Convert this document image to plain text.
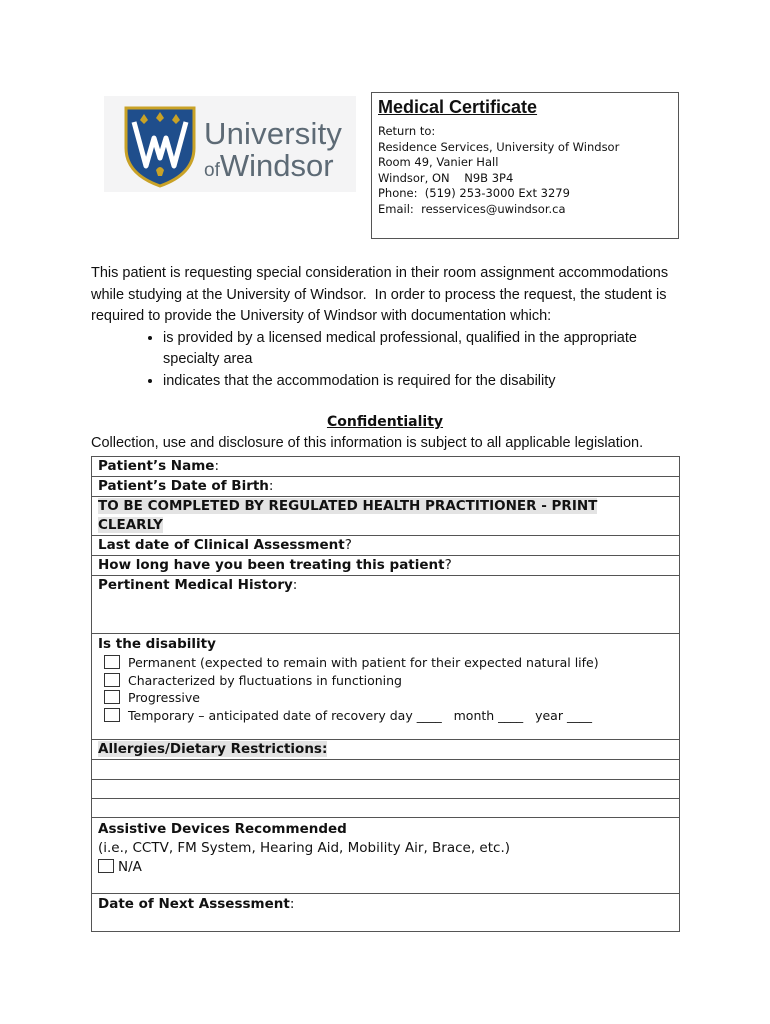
University
ofWindsor
Medical Certificate
Return to:
Residence Services, University of Windsor
Room 49, Vanier Hall
Windsor, ON    N9B 3P4
Phone:  (519) 253-3000 Ext 3279
Email:  resservices@uwindsor.ca

This patient is requesting special consideration in their room assignment accommodations while studying at the University of Windsor.  In order to process the request, the student is required to provide the University of Windsor with documentation which:

• is provided by a licensed medical professional, qualified in the appropriate specialty area
• indicates that the accommodation is required for the disability
Confidentiality
Collection, use and disclosure of this information is subject to all applicable legislation.
Patient’s Name:
Patient’s Date of Birth:
TO BE COMPLETED BY REGULATED HEALTH PRACTITIONER - PRINT CLEARLY
Last date of Clinical Assessment?
How long have you been treating this patient?
Pertinent Medical History:
Is the disability
Permanent (expected to remain with patient for their expected natural life)
Characterized by fluctuations in functioning
Progressive
Temporary – anticipated date of recovery day ____   month ____   year ____
Allergies/Dietary Restrictions:
Assistive Devices Recommended
(i.e., CCTV, FM System, Hearing Aid, Mobility Air, Brace, etc.)
N/A
Date of Next Assessment:
